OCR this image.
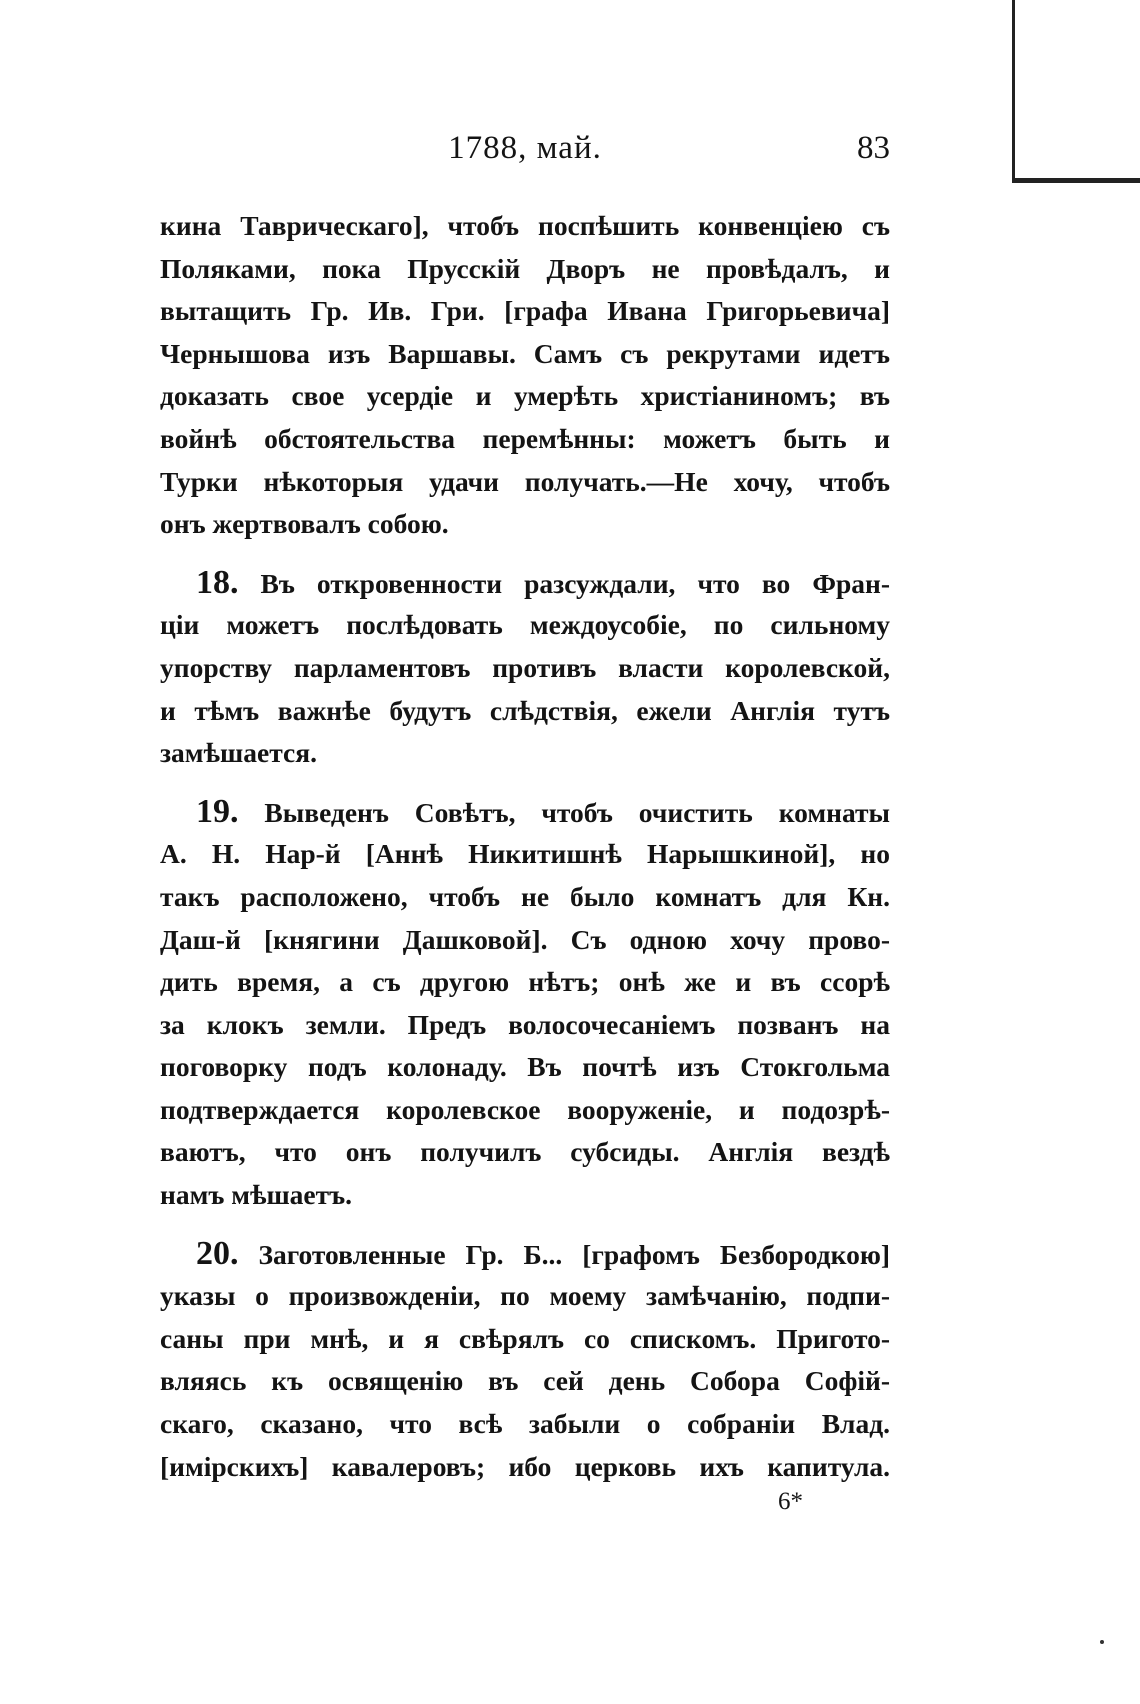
1788, май.	83
кина Таврическаго], чтобъ поспѣшить конвенціею съ
Поляками, пока Прусскій Дворъ не провѣдалъ, и
вытащить Гр. Ив. Гри. [графа Ивана Григорьевича]
Чернышова изъ Варшавы. Самъ съ рекрутами идетъ
доказать свое усердіе и умерѣть христіаниномъ; въ
войнѣ обстоятельства перемѣнны: можетъ быть и
Турки нѣкоторыя удачи получать.—Не хочу, чтобъ
онъ жертвовалъ собою.
18. Въ откровенности разсуждали, что во Фран-
ціи можетъ послѣдовать междоусобіе, по сильному
упорству парламентовъ противъ власти королевской,
и тѣмъ важнѣе будутъ слѣдствія, ежели Англія тутъ
замѣшается.
19. Выведенъ Совѣтъ, чтобъ очистить комнаты
А. Н. Нар-й [Аннѣ Никитишнѣ Нарышкиной], но
такъ расположено, чтобъ не было комнатъ для Кн.
Даш-й [княгини Дашковой]. Съ одною хочу прово-
дить время, а съ другою нѣтъ; онѣ же и въ ссорѣ
за клокъ земли. Предъ волосочесаніемъ позванъ на
поговорку подъ колонаду. Въ почтѣ изъ Стокгольма
подтверждается королевское вооруженіе, и подозрѣ-
ваютъ, что онъ получилъ субсиды. Англія вездѣ
намъ мѣшаетъ.
20. Заготовленные Гр. Б... [графомъ Безбородкою]
указы о произвожденіи, по моему замѣчанію, подпи-
саны при мнѣ, и я свѣрялъ со спискомъ. Пригото-
вляясь къ освященію въ сей день Собора Софій-
скаго, сказано, что всѣ забыли о собраніи Влад.
[имірскихъ] кавалеровъ; ибо церковь ихъ капитула.
6*
